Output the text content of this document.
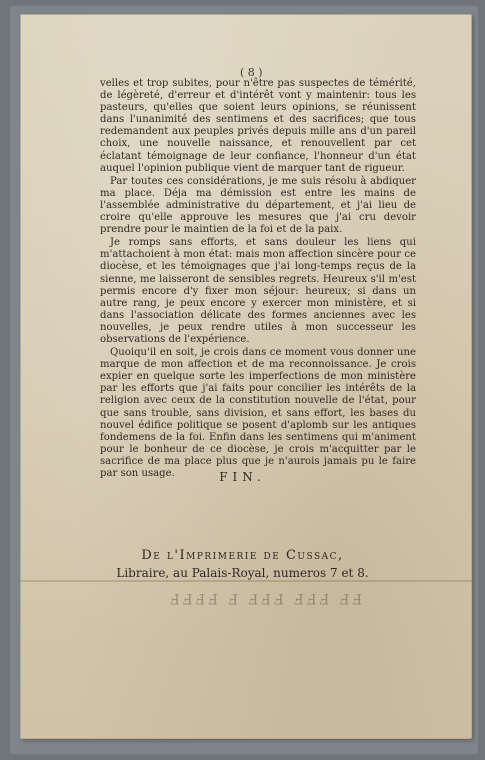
( 8 )

velles et trop subites, pour n'être pas suspectes de témérité, de légèreté, d'erreur et d'intérêt vont y maintenir: tous les pasteurs, qu'elles que soient leurs opinions, se réunissent dans l'unanimité des sentimens et des sacrifices; que tous redemandent aux peuples privés depuis mille ans d'un pareil choix, une nouvelle naissance, et renouvellent par cet éclatant témoignage de leur confiance, l'honneur d'un état auquel l'opinion publique vient de marquer tant de rigueur.

Par toutes ces considérations, je me suis résolu à abdiquer ma place. Déja ma démission est entre les mains de l'assemblée administrative du département, et j'ai lieu de croire qu'elle approuve les mesures que j'ai cru devoir prendre pour le maintien de la foi et de la paix.

Je romps sans efforts, et sans douleur les liens qui m'attachoient à mon état: mais mon affection sincère pour ce diocèse, et les témoignages que j'ai long-temps reçus de la sienne, me laisseront de sensibles regrets. Heureux s'il m'est permis encore d'y fixer mon séjour: heureux; si dans un autre rang, je peux encore y exercer mon ministère, et si dans l'association délicate des formes anciennes avec les nouvelles, je peux rendre utiles à mon successeur les observations de l'expérience.

Quoiqu'il en soit, je crois dans ce moment vous donner une marque de mon affection et de ma reconnoissance. Je crois expier en quelque sorte les imperfections de mon ministère par les efforts que j'ai faits pour concilier les intérêts de la religion avec ceux de la constitution nouvelle de l'état, pour que sans trouble, sans division, et sans effort, les bases du nouvel édifice politique se posent d'aplomb sur les antiques fondemens de la foi. Enfin dans les sentimens qui m'animent pour le bonheur de ce diocèse, je crois m'acquitter par le sacrifice de ma place plus que je n'aurois jamais pu le faire par son usage.	FIN.
De l'Imprimerie de Cussac,
Libraire, au Palais-Royal, numeros 7 et 8.
ꟻꟻꟻꟻ ꟻ ꟻꟻꟻ ꟻꟻꟻ ꟻꟻ
